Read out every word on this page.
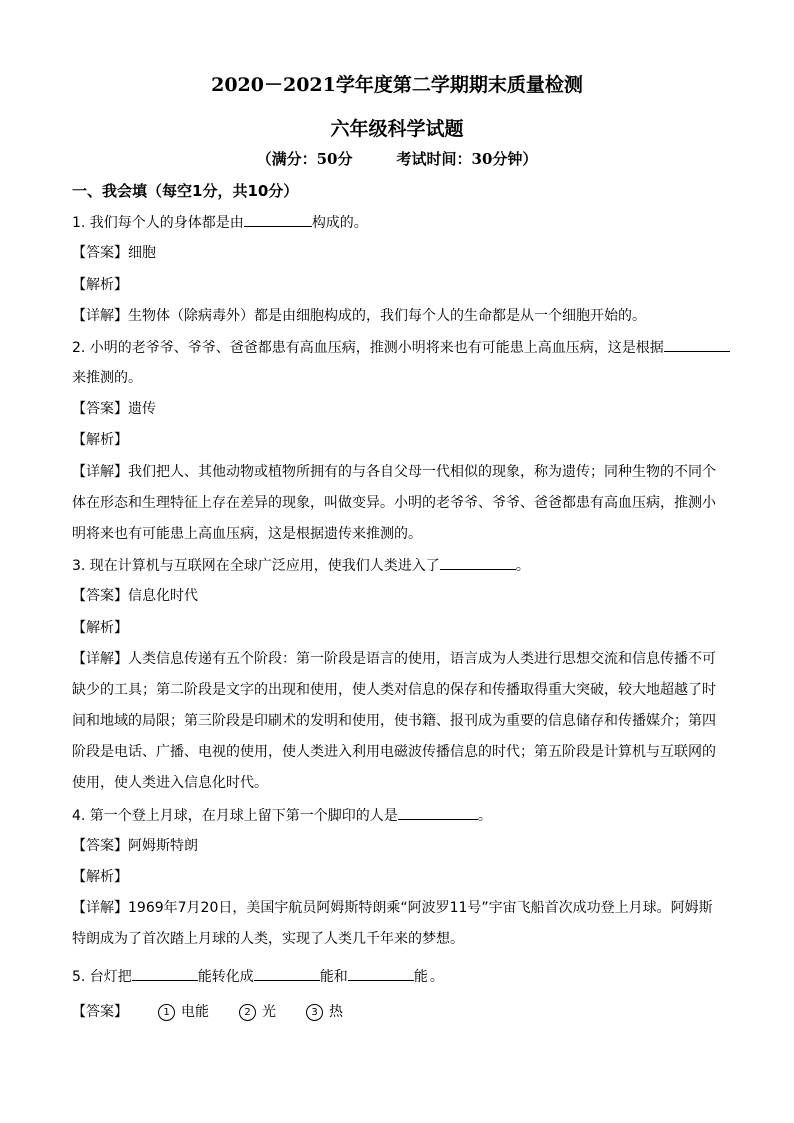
2020－2021学年度第二学期期末质量检测
六年级科学试题
（满分：50分	考试时间：30分钟）
一、我会填（每空1分，共10分）
1. 我们每个人的身体都是由	构成的。
【答案】细胞
【解析】
【详解】生物体（除病毒外）都是由细胞构成的，我们每个人的生命都是从一个细胞开始的。
2. 小明的老爷爷、爷爷、爸爸都患有高血压病，推测小明将来也有可能患上高血压病，这是根据
来推测的。
【答案】遗传
【解析】
【详解】我们把人、其他动物或植物所拥有的与各自父母一代相似的现象，称为遗传；同种生物的不同个
体在形态和生理特征上存在差异的现象，叫做变异。小明的老爷爷、爷爷、爸爸都患有高血压病，推测小
明将来也有可能患上高血压病，这是根据遗传来推测的。
3. 现在计算机与互联网在全球广泛应用，使我们人类进入了	。
【答案】信息化时代
【解析】
【详解】人类信息传递有五个阶段：第一阶段是语言的使用，语言成为人类进行思想交流和信息传播不可
缺少的工具；第二阶段是文字的出现和使用，使人类对信息的保存和传播取得重大突破，较大地超越了时
间和地域的局限；第三阶段是印刷术的发明和使用，使书籍、报刊成为重要的信息储存和传播媒介；第四
阶段是电话、广播、电视的使用，使人类进入利用电磁波传播信息的时代；第五阶段是计算机与互联网的
使用，使人类进入信息化时代。
4. 第一个登上月球，在月球上留下第一个脚印的人是	。
【答案】阿姆斯特朗
【解析】
【详解】1969年7月20日，美国宇航员阿姆斯特朗乘“阿波罗11号”宇宙飞船首次成功登上月球。阿姆斯
特朗成为了首次踏上月球的人类，实现了人类几千年来的梦想。
5. 台灯把	能转化成	能和	能 。
【答案】	1 电能	2 光	3 热
